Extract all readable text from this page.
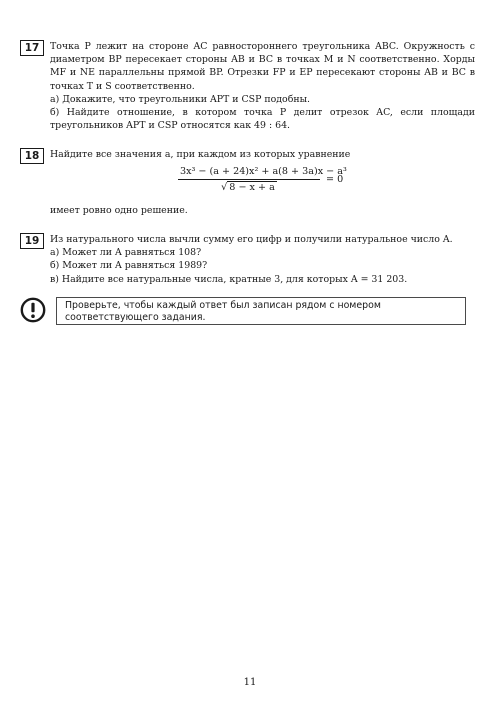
17	Точка P лежит на стороне AC равностороннего треугольника ABC. Окружность с диаметром BP пересекает стороны AB и BC в точках M и N соответственно. Хорды MF и NE параллельны прямой BP. Отрезки FP и EP пересекают стороны AB и BC в точках T и S соответственно.

а) Докажите, что треугольники APT и CSP подобны.

б) Найдите отношение, в котором точка P делит отрезок AC, если площади треугольников APT и CSP относятся как 49 : 64.

18	Найдите все значения a, при каждом из которых уравнение

$\frac{\text{3x³ − (a + 24)x² + a(8 + 3a)x − a³}}{√ 8 - x + a} = 0$

имеет ровно одно решение.

19	Из натурального числа вычли сумму его цифр и получили натуральное число A.

а) Может ли A равняться 108?

б) Может ли A равняться 1989?

в) Найдите все натуральные числа, кратные 3, для которых A = 31 203.

Проверьте, чтобы каждый ответ был записан рядом с номером соответствующего задания.
11
